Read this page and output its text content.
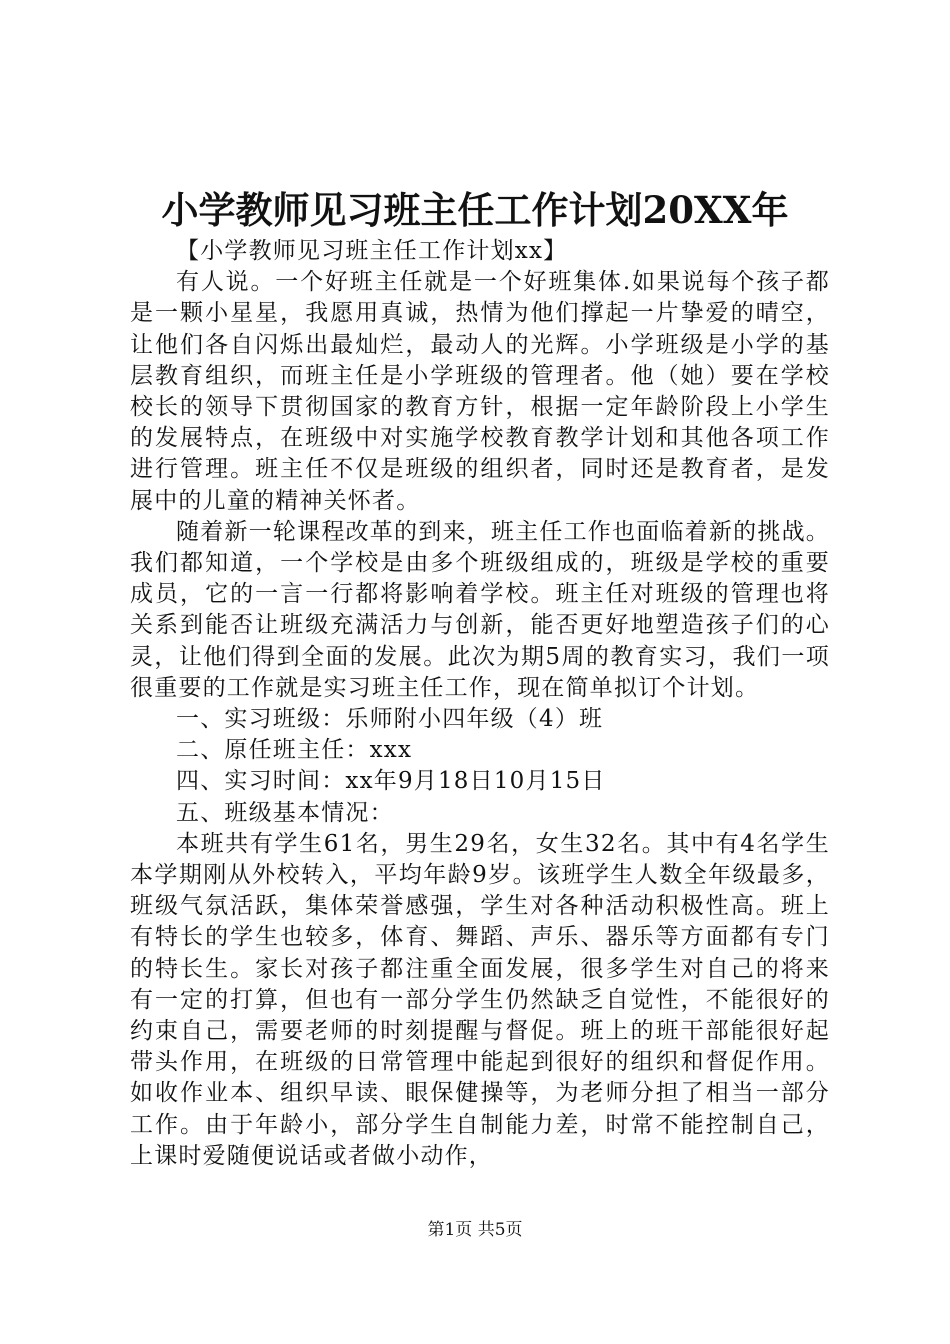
小学教师见习班主任工作计划20XX年

【小学教师见习班主任工作计划xx】

有人说。一个好班主任就是一个好班集体.如果说每个孩子都是一颗小星星，我愿用真诚，热情为他们撑起一片挚爱的晴空，让他们各自闪烁出最灿烂，最动人的光辉。小学班级是小学的基层教育组织，而班主任是小学班级的管理者。他（她）要在学校校长的领导下贯彻国家的教育方针，根据一定年龄阶段上小学生的发展特点，在班级中对实施学校教育教学计划和其他各项工作进行管理。班主任不仅是班级的组织者，同时还是教育者，是发展中的儿童的精神关怀者。

随着新一轮课程改革的到来，班主任工作也面临着新的挑战。我们都知道，一个学校是由多个班级组成的，班级是学校的重要成员，它的一言一行都将影响着学校。班主任对班级的管理也将关系到能否让班级充满活力与创新，能否更好地塑造孩子们的心灵，让他们得到全面的发展。此次为期5周的教育实习，我们一项很重要的工作就是实习班主任工作，现在简单拟订个计划。

一、实习班级：乐师附小四年级（4）班

二、原任班主任：xxx

四、实习时间：xx年9月18日10月15日

五、班级基本情况：

本班共有学生61名，男生29名，女生32名。其中有4名学生本学期刚从外校转入，平均年龄9岁。该班学生人数全年级最多，班级气氛活跃，集体荣誉感强，学生对各种活动积极性高。班上有特长的学生也较多，体育、舞蹈、声乐、器乐等方面都有专门的特长生。家长对孩子都注重全面发展，很多学生对自己的将来有一定的打算，但也有一部分学生仍然缺乏自觉性，不能很好的约束自己，需要老师的时刻提醒与督促。班上的班干部能很好起带头作用，在班级的日常管理中能起到很好的组织和督促作用。如收作业本、组织早读、眼保健操等，为老师分担了相当一部分工作。由于年龄小，部分学生自制能力差，时常不能控制自己，上课时爱随便说话或者做小动作，

第1页 共5页
